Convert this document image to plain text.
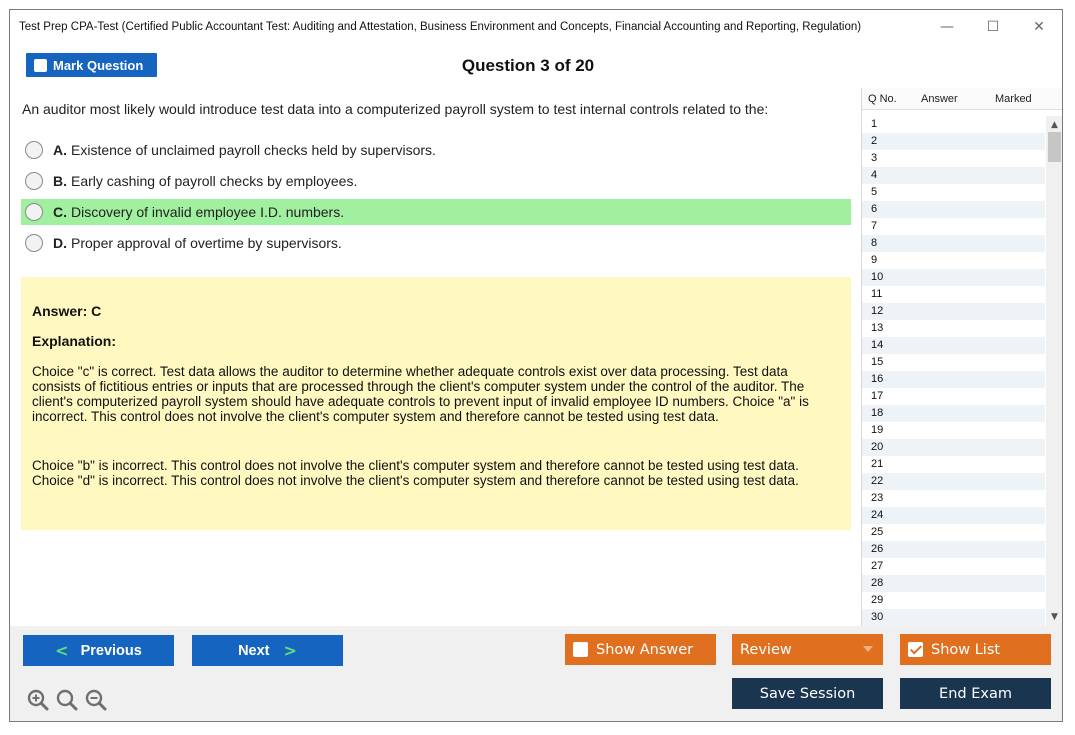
Test Prep CPA-Test (Certified Public Accountant Test: Auditing and Attestation, Business Environment and Concepts, Financial Accounting and Reporting, Regulation)	—	☐	✕
Question 3 of 20
Mark Question
An auditor most likely would introduce test data into a computerized payroll system to test internal controls related to the:
A. Existence of unclaimed payroll checks held by supervisors.
B. Early cashing of payroll checks by employees.
C. Discovery of invalid employee I.D. numbers.
D. Proper approval of overtime by supervisors.
Answer: C
Explanation:
Choice "c" is correct. Test data allows the auditor to determine whether adequate controls exist over data processing. Test data consists of fictitious entries or inputs that are processed through the client's computer system under the control of the auditor. The client's computerized payroll system should have adequate controls to prevent input of invalid employee ID numbers. Choice "a" is incorrect. This control does not involve the client's computer system and therefore cannot be tested using test data.
Choice "b" is incorrect. This control does not involve the client's computer system and therefore cannot be tested using test data. Choice "d" is incorrect. This control does not involve the client's computer system and therefore cannot be tested using test data.
Q No.	Answer	Marked
1
2
3
4
5
6
7
8
9
10
11
12
13
14
15
16
17
18
19
20
21
22
23
24
25
26
27
28
29
30
▲
▼
< Previous	Next >	Show Answer	Review	Show List
Save Session	End Exam
